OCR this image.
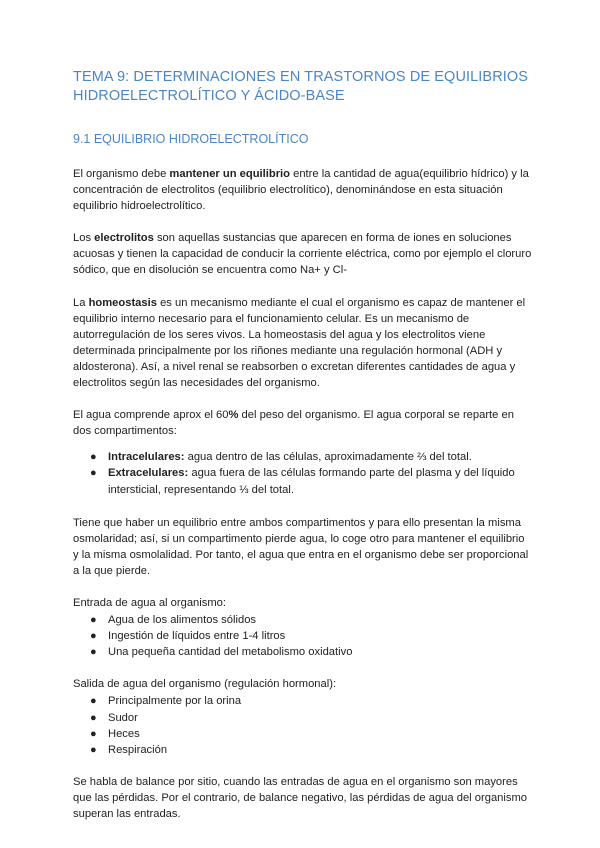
TEMA 9: DETERMINACIONES EN TRASTORNOS DE EQUILIBRIOS HIDROELECTROLÍTICO Y ÁCIDO-BASE
9.1 EQUILIBRIO HIDROELECTROLÍTICO

El organismo debe mantener un equilibrio entre la cantidad de agua(equilibrio hídrico) y la concentración de electrolitos (equilibrio electrolítico), denominándose en esta situación equilibrio hidroelectrolítico.

Los electrolitos son aquellas sustancias que aparecen en forma de iones en soluciones acuosas y tienen la capacidad de conducir la corriente eléctrica, como por ejemplo el cloruro sódico, que en disolución se encuentra como Na+ y Cl-

La homeostasis es un mecanismo mediante el cual el organismo es capaz de mantener el equilibrio interno necesario para el funcionamiento celular. Es un mecanismo de autorregulación de los seres vivos. La homeostasis del agua y los electrolitos viene determinada principalmente por los riñones mediante una regulación hormonal (ADH y aldosterona). Así, a nivel renal se reabsorben o excretan diferentes cantidades de agua y electrolitos según las necesidades del organismo.

El agua comprende aprox el 60% del peso del organismo. El agua corporal se reparte en dos compartimentos:

● Intracelulares: agua dentro de las células, aproximadamente ⅔ del total.
● Extracelulares: agua fuera de las células formando parte del plasma y del líquido intersticial, representando ⅓ del total.

Tiene que haber un equilibrio entre ambos compartimentos y para ello presentan la misma osmolaridad; así, si un compartimento pierde agua, lo coge otro para mantener el equilibrio y la misma osmolalidad. Por tanto, el agua que entra en el organismo debe ser proporcional a la que pierde.

Entrada de agua al organismo:

● Agua de los alimentos sólidos
● Ingestión de líquidos entre 1-4 litros
● Una pequeña cantidad del metabolismo oxidativo

Salida de agua del organismo (regulación hormonal):

● Principalmente por la orina
● Sudor
● Heces
● Respiración

Se habla de balance por sitio, cuando las entradas de agua en el organismo son mayores que las pérdidas. Por el contrario, de balance negativo, las pérdidas de agua del organismo superan las entradas.
